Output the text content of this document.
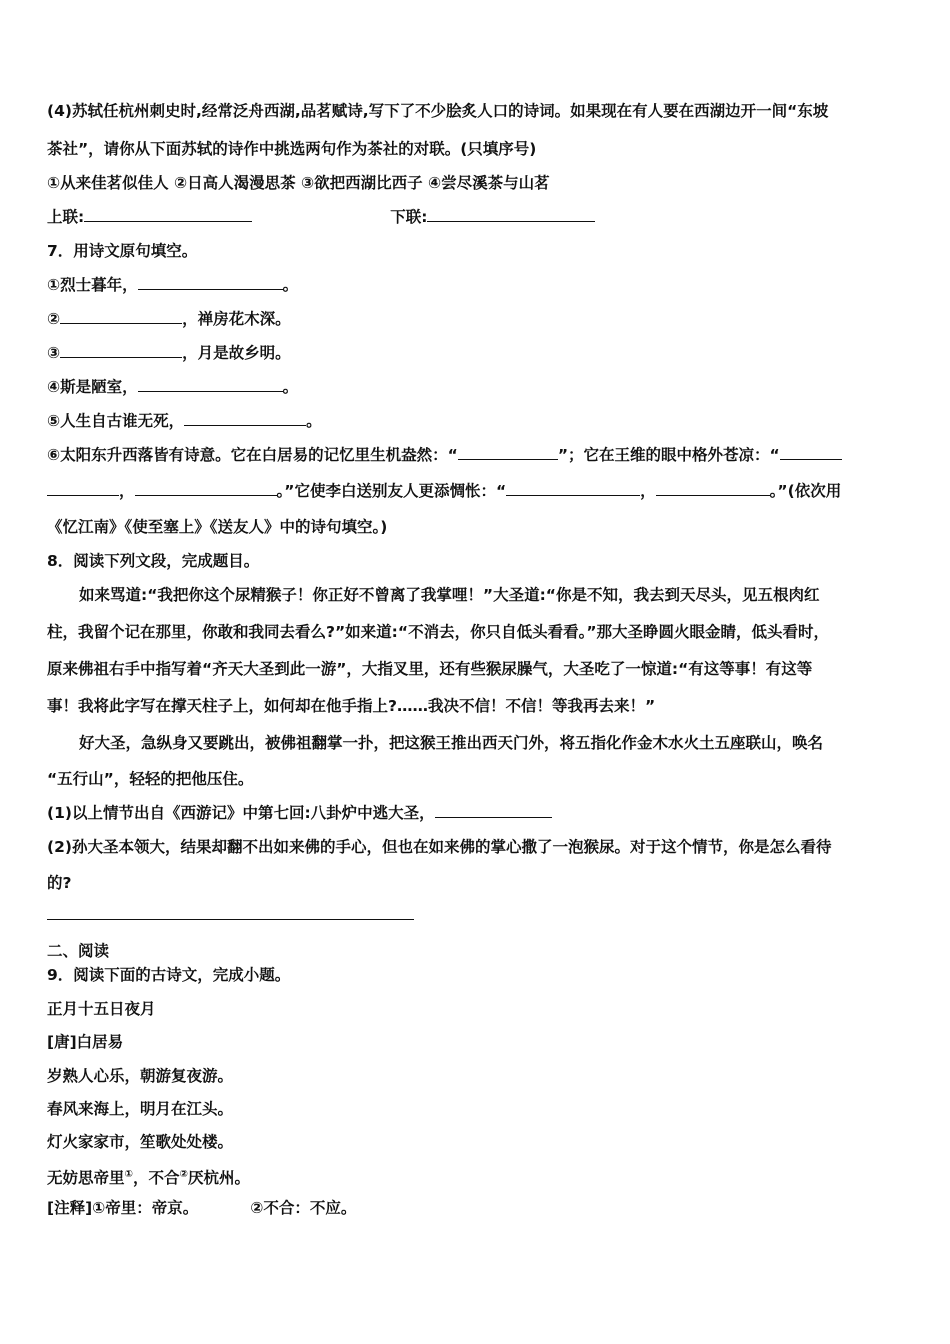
(4)苏轼任杭州刺史时,经常泛舟西湖,品茗赋诗,写下了不少脍炙人口的诗词。如果现在有人要在西湖边开一间“东坡
茶社”，请你从下面苏轼的诗作中挑选两句作为茶社的对联。(只填序号)
①从来佳茗似佳人 ②日高人渴漫思茶 ③欲把西湖比西子 ④尝尽溪茶与山茗
上联:	下联:
7．用诗文原句填空。
①烈士暮年，	。
②	，禅房花木深。
③	，月是故乡明。
④斯是陋室，	。
⑤人生自古谁无死，	。
⑥太阳东升西落皆有诗意。它在白居易的记忆里生机盎然：“	”；它在王维的眼中格外苍凉：“
，	。”它使李白送别友人更添惆怅：“	，	。”(依次用
《忆江南》《使至塞上》《送友人》中的诗句填空。)
8．阅读下列文段，完成题目。
如来骂道:“我把你这个尿精猴子！你正好不曾离了我掌哩！”大圣道:“你是不知，我去到天尽头，见五根肉红
柱，我留个记在那里，你敢和我同去看么?”如来道:“不消去，你只自低头看看。”那大圣睁圆火眼金睛，低头看时，
原来佛祖右手中指写着“齐天大圣到此一游”，大指叉里，还有些猴尿臊气，大圣吃了一惊道:“有这等事！有这等
事！我将此字写在撑天柱子上，如何却在他手指上?……我决不信！不信！等我再去来！”
好大圣，急纵身又要跳出，被佛祖翻掌一扑，把这猴王推出西天门外，将五指化作金木水火土五座联山，唤名
“五行山”，轻轻的把他压住。
(1)以上情节出自《西游记》中第七回:八卦炉中逃大圣，
(2)孙大圣本领大，结果却翻不出如来佛的手心，但也在如来佛的掌心撒了一泡猴尿。对于这个情节，你是怎么看待
的?
二、阅读
9．阅读下面的古诗文，完成小题。
正月十五日夜月
[唐]白居易
岁熟人心乐，朝游复夜游。
春风来海上，明月在江头。
灯火家家市，笙歌处处楼。
无妨思帝里①，不合②厌杭州。
[注释]①帝里：帝京。	②不合：不应。
